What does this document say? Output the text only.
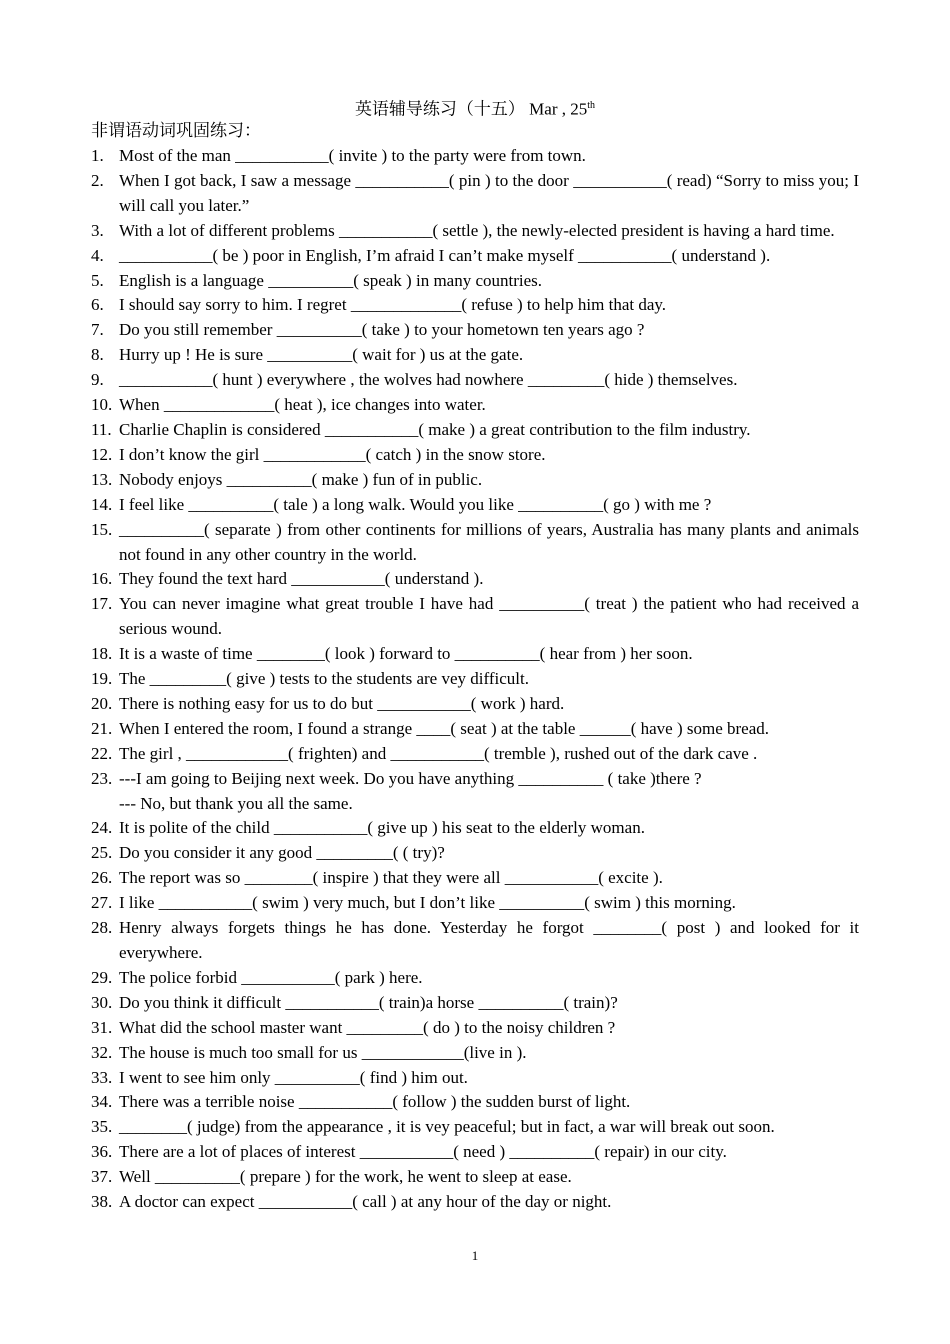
英语辅导练习（十五） Mar , 25th
非谓语动词巩固练习：
1. Most of the man ___________( invite ) to the party were from town.
2. When I got back, I saw a message ___________( pin ) to the door ___________( read) “Sorry to miss you; I will call you later.”
3. With a lot of different problems ___________( settle ), the newly-elected president is having a hard time.
4. ___________( be ) poor in English, I’m afraid I can’t make myself ___________( understand ).
5. English is a language __________( speak ) in many countries.
6. I should say sorry to him. I regret _____________( refuse ) to help him that day.
7. Do you still remember __________( take ) to your hometown ten years ago ?
8. Hurry up ! He is sure __________( wait for ) us at the gate.
9. ___________( hunt ) everywhere , the wolves had nowhere _________( hide ) themselves.
10. When _____________( heat ), ice changes into water.
11. Charlie Chaplin is considered ___________( make ) a great contribution to the film industry.
12. I don’t know the girl ____________( catch ) in the snow store.
13. Nobody enjoys __________( make ) fun of in public.
14. I feel like __________( tale ) a long walk. Would you like __________( go ) with me ?
15. __________( separate ) from other continents for millions of years, Australia has many plants and animals not found in any other country in the world.
16. They found the text hard ___________( understand ).
17. You can never imagine what great trouble I have had __________( treat ) the patient who had received a serious wound.
18. It is a waste of time ________( look ) forward to __________( hear from ) her soon.
19. The _________( give ) tests to the students are vey difficult.
20. There is nothing easy for us to do but ___________( work ) hard.
21. When I entered the room, I found a strange ____( seat ) at the table ______( have ) some bread.
22. The girl , ____________( frighten) and ___________( tremble ), rushed out of the dark cave .
23. ---I am going to Beijing next week. Do you have anything __________ ( take )there ?
--- No, but thank you all the same.
24. It is polite of the child ___________( give up ) his seat to the elderly woman.
25. Do you consider it any good _________( ( try)?
26. The report was so ________( inspire ) that they were all ___________( excite ).
27. I like ___________( swim ) very much, but I don’t like __________( swim ) this morning.
28. Henry always forgets things he has done. Yesterday he forgot ________( post ) and looked for it everywhere.
29. The police forbid ___________( park ) here.
30. Do you think it difficult ___________( train)a horse __________( train)?
31. What did the school master want _________( do ) to the noisy children ?
32. The house is much too small for us ____________(live in ).
33. I went to see him only __________( find ) him out.
34. There was a terrible noise ___________( follow ) the sudden burst of light.
35. ________( judge) from the appearance , it is vey peaceful; but in fact, a war will break out soon.
36. There are a lot of places of interest ___________( need ) __________( repair) in our city.
37. Well __________( prepare ) for the work, he went to sleep at ease.
38. A doctor can expect ___________( call ) at any hour of the day or night.
1
